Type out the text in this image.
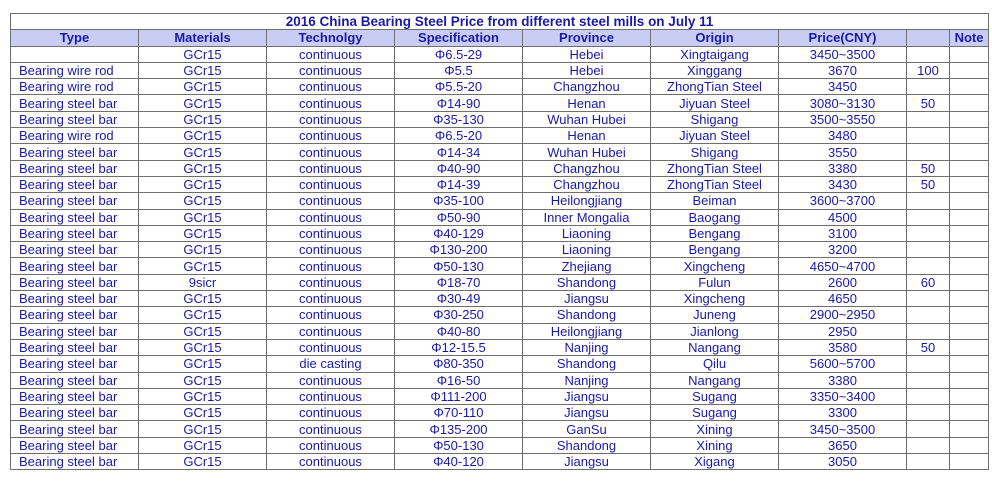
2016 China Bearing Steel Price from different steel mills on July 11								
Type	Materials	Technolgy	Specification	Province	Origin	Price(CNY)		Note
	GCr15	continuous	Φ6.5-29	Hebei	Xingtaigang	3450~3500		
Bearing wire rod	GCr15	continuous	Φ5.5	Hebei	Xinggang	3670	100	
Bearing wire rod	GCr15	continuous	Φ5.5-20	Changzhou	ZhongTian Steel	3450		
Bearing steel bar	GCr15	continuous	Φ14-90	Henan	Jiyuan Steel	3080~3130	50	
Bearing steel bar	GCr15	continuous	Φ35-130	Wuhan Hubei	Shigang	3500~3550		
Bearing wire rod	GCr15	continuous	Φ6.5-20	Henan	Jiyuan Steel	3480		
Bearing steel bar	GCr15	continuous	Φ14-34	Wuhan Hubei	Shigang	3550		
Bearing steel bar	GCr15	continuous	Φ40-90	Changzhou	ZhongTian Steel	3380	50	
Bearing steel bar	GCr15	continuous	Φ14-39	Changzhou	ZhongTian Steel	3430	50	
Bearing steel bar	GCr15	continuous	Φ35-100	Heilongjiang	Beiman	3600~3700		
Bearing steel bar	GCr15	continuous	Φ50-90	Inner Mongalia	Baogang	4500		
Bearing steel bar	GCr15	continuous	Φ40-129	Liaoning	Bengang	3100		
Bearing steel bar	GCr15	continuous	Φ130-200	Liaoning	Bengang	3200		
Bearing steel bar	GCr15	continuous	Φ50-130	Zhejiang	Xingcheng	4650~4700		
Bearing steel bar	9sicr	continuous	Φ18-70	Shandong	Fulun	2600	60	
Bearing steel bar	GCr15	continuous	Φ30-49	Jiangsu	Xingcheng	4650		
Bearing steel bar	GCr15	continuous	Φ30-250	Shandong	Juneng	2900~2950		
Bearing steel bar	GCr15	continuous	Φ40-80	Heilongjiang	Jianlong	2950		
Bearing steel bar	GCr15	continuous	Φ12-15.5	Nanjing	Nangang	3580	50	
Bearing steel bar	GCr15	die casting	Φ80-350	Shandong	Qilu	5600~5700		
Bearing steel bar	GCr15	continuous	Φ16-50	Nanjing	Nangang	3380		
Bearing steel bar	GCr15	continuous	Φ111-200	Jiangsu	Sugang	3350~3400		
Bearing steel bar	GCr15	continuous	Φ70-110	Jiangsu	Sugang	3300		
Bearing steel bar	GCr15	continuous	Φ135-200	GanSu	Xining	3450~3500		
Bearing steel bar	GCr15	continuous	Φ50-130	Shandong	Xining	3650		
Bearing steel bar	GCr15	continuous	Φ40-120	Jiangsu	Xigang	3050		
